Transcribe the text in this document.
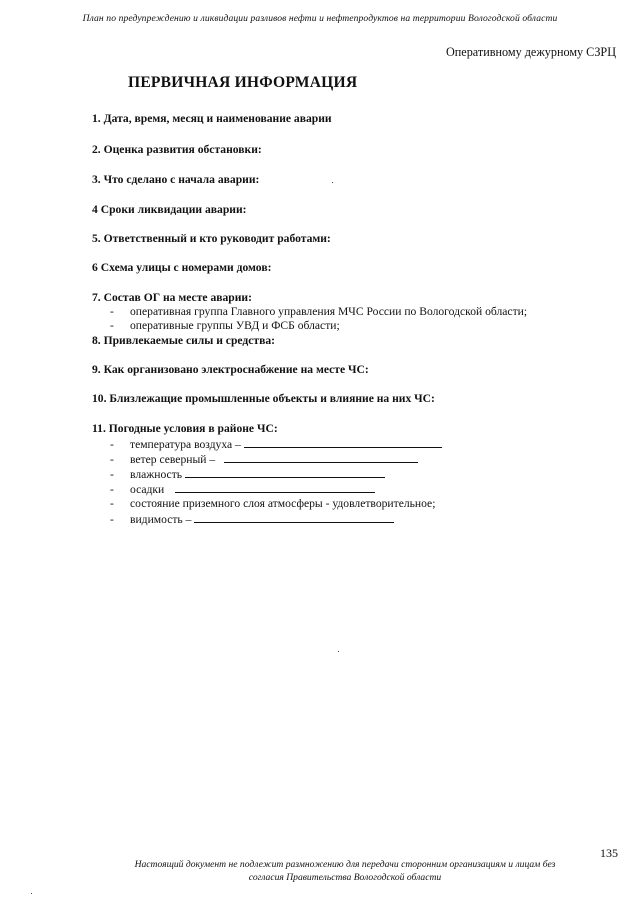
План по предупреждению и ликвидации разливов нефти и нефтепродуктов на территории Вологодской области
Оперативному дежурному СЗРЦ
ПЕРВИЧНАЯ ИНФОРМАЦИЯ
1. Дата, время, месяц и наименование аварии
2. Оценка развития обстановки:
3. Что сделано с начала аварии:
4 Сроки ликвидации аварии:
5. Ответственный и кто руководит работами:
6 Схема улицы с номерами домов:
7. Состав ОГ на месте аварии:
- оперативная группа Главного управления МЧС России по Вологодской области;
- оперативные группы УВД и ФСБ области;
8. Привлекаемые силы и средства:
9. Как организовано электроснабжение на месте ЧС:
10. Близлежащие промышленные объекты и влияние на них ЧС:
11. Погодные условия в районе ЧС:
- температура воздуха –
- ветер северный –
- влажность
- осадки
- состояние приземного слоя атмосферы - удовлетворительное;
- видимость –
135
Настоящий документ не подлежит размножению для передачи сторонним организациям и лицам без
согласия Правительства Вологодской области
